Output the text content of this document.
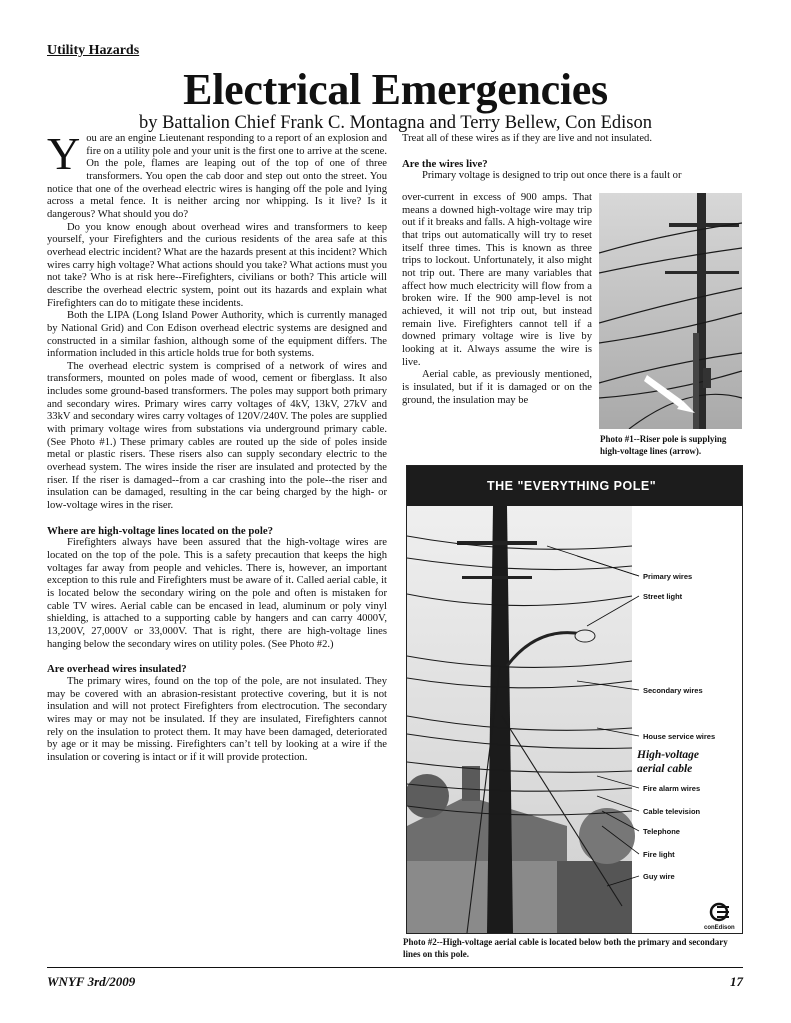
Utility Hazards
Electrical Emergencies
by Battalion Chief Frank C. Montagna and Terry Bellew, Con Edison

You are an engine Lieutenant responding to a report of an explosion and fire on a utility pole and your unit is the first one to arrive at the scene. On the pole, flames are leaping out of the top of one of three transformers. You open the cab door and step out onto the street. You notice that one of the overhead electric wires is hanging off the pole and lying across a metal fence. It is neither arcing nor whipping. Is it live? Is it dangerous? What should you do?

Do you know enough about overhead wires and transformers to keep yourself, your Firefighters and the curious residents of the area safe at this overhead electric incident? What are the hazards present at this incident? Which wires carry high voltage? What actions should you take? What actions must you not take? Who is at risk here--Firefighters, civilians or both? This article will describe the overhead electric system, point out its hazards and explain what Firefighters can do to mitigate these incidents.

Both the LIPA (Long Island Power Authority, which is currently managed by National Grid) and Con Edison overhead electric systems are designed and constructed in a similar fashion, although some of the equipment differs. The information included in this article holds true for both systems.

The overhead electric system is comprised of a network of wires and transformers, mounted on poles made of wood, cement or fiberglass. It also includes some ground-based transformers. The poles may support both primary and secondary wires. Primary wires carry voltages of 4kV, 13kV, 27kV and 33kV and secondary wires carry voltages of 120V/240V. The poles are supplied with primary voltage wires from substations via underground primary cable. (See Photo #1.) These primary cables are routed up the side of poles inside metal or plastic risers. These risers also can supply secondary electric to the overhead system. The wires inside the riser are insulated and protected by the riser. If the riser is damaged--from a car crashing into the pole--the riser and insulation can be damaged, resulting in the car being charged by the high- or low-voltage wires in the riser.

Where are high-voltage lines located on the pole?

Firefighters always have been assured that the high-voltage wires are located on the top of the pole. This is a safety precaution that keeps the high voltages far away from people and vehicles. There is, however, an important exception to this rule and Firefighters must be aware of it. Called aerial cable, it is located below the secondary wiring on the pole and often is mistaken for cable TV wires. Aerial cable can be encased in lead, aluminum or poly vinyl shielding, is attached to a supporting cable by hangers and can carry 4000V, 13,200V, 27,000V or 33,000V. That is right, there are high-voltage lines hanging below the secondary wires on utility poles. (See Photo #2.)

Are overhead wires insulated?

The primary wires, found on the top of the pole, are not insulated. They may be covered with an abrasion-resistant protective covering, but it is not insulation and will not protect Firefighters from electrocution. The secondary wires may or may not be insulated. If they are insulated, Firefighters cannot rely on the insulation to protect them. It may have been damaged, deteriorated by age or it may be missing. Firefighters can’t tell by looking at a wire if the insulation or covering is intact or if it will provide protection.

Treat all of these wires as if they are live and not insulated.

Are the wires live?

Primary voltage is designed to trip out once there is a fault or

over-current in excess of 900 amps. That means a downed high-voltage wire may trip out if it breaks and falls. A high-voltage wire that trips out automatically will try to reset itself three times. This is known as three trips to lockout. Unfortunately, it also might not trip out. There are many variables that affect how much electricity will flow from a broken wire. If the 900 amp-level is not achieved, it will not trip out, but instead remain live. Firefighters cannot tell if a downed primary voltage wire is live by looking at it. Always assume the wire is live.

Aerial cable, as previously mentioned, is insulated, but if it is damaged or on the ground, the insulation may be

Photo #1--Riser pole is supplying high-voltage lines (arrow).
THE "EVERYTHING POLE"
Primary wires
Street light
Secondary wires
House service wires
High-voltage
aerial cable
Fire alarm wires
Cable television
Telephone
Fire light
Guy wire
conEdison
Photo #2--High-voltage aerial cable is located below both the primary and secondary lines on this pole.
WNYF 3rd/2009	17
